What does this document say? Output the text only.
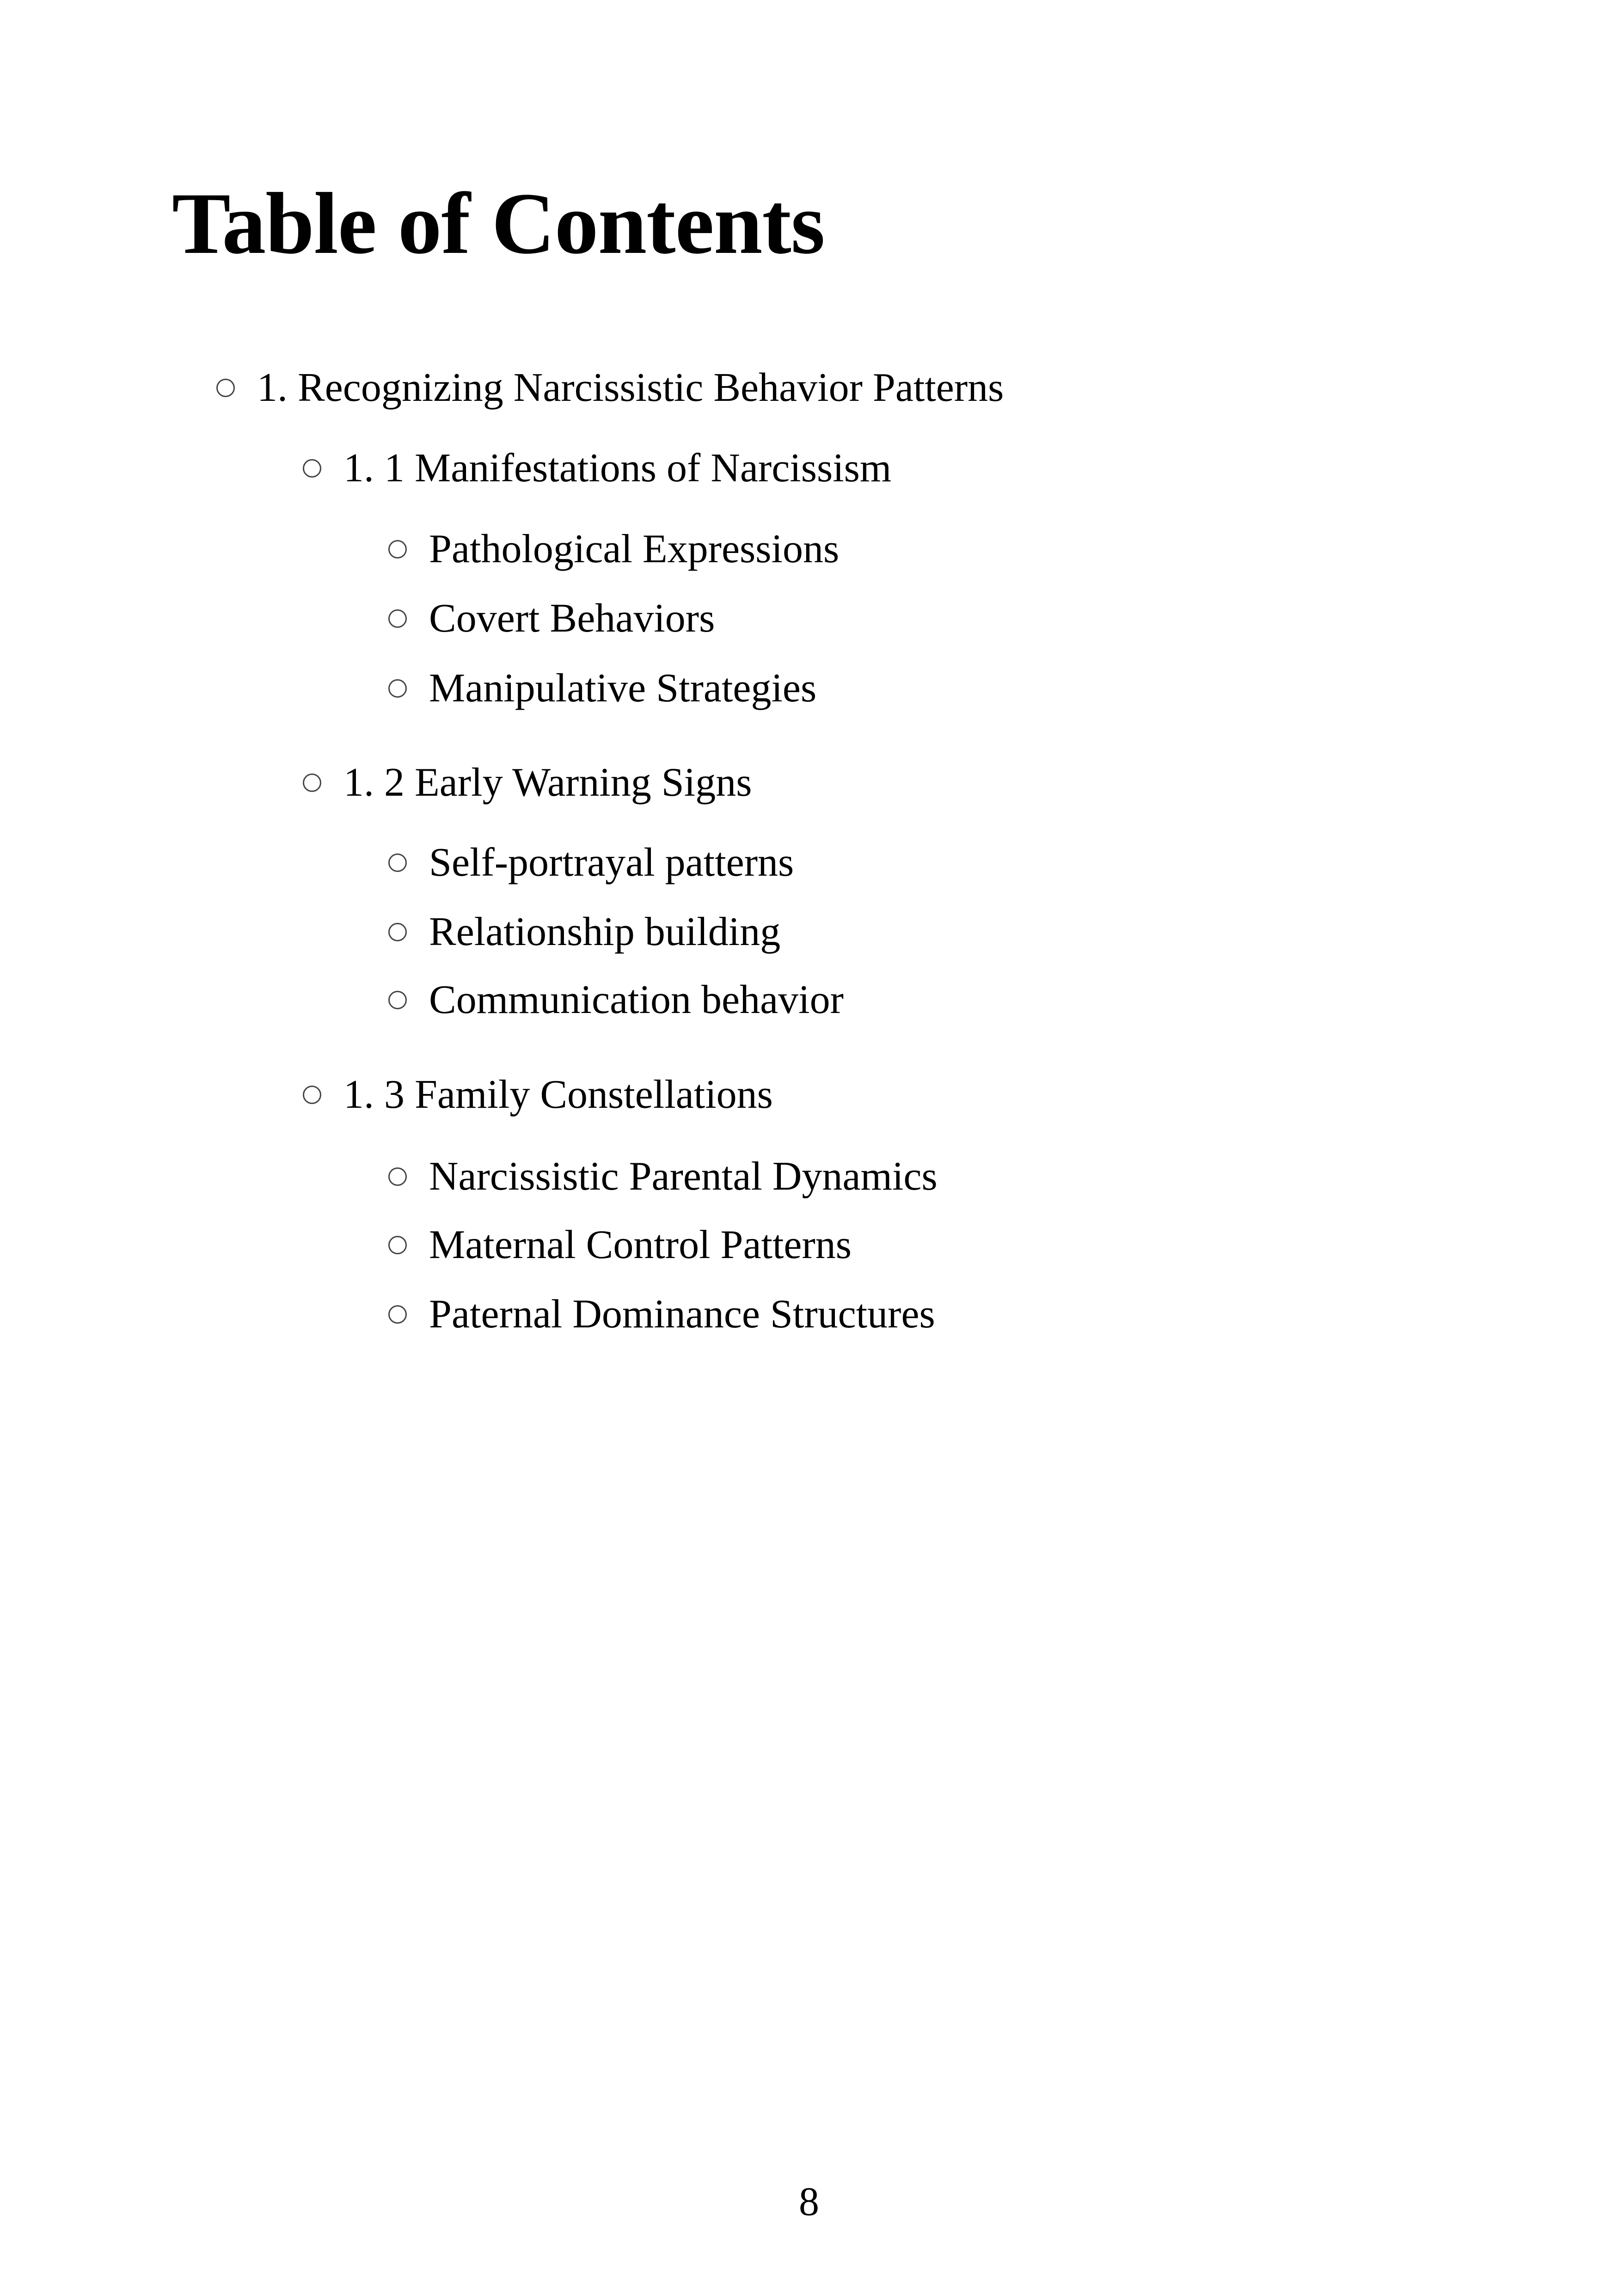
Table of Contents
1. Recognizing Narcissistic Behavior Patterns
1. 1 Manifestations of Narcissism
Pathological Expressions
Covert Behaviors
Manipulative Strategies
1. 2 Early Warning Signs
Self-portrayal patterns
Relationship building
Communication behavior
1. 3 Family Constellations
Narcissistic Parental Dynamics
Maternal Control Patterns
Paternal Dominance Structures
8
